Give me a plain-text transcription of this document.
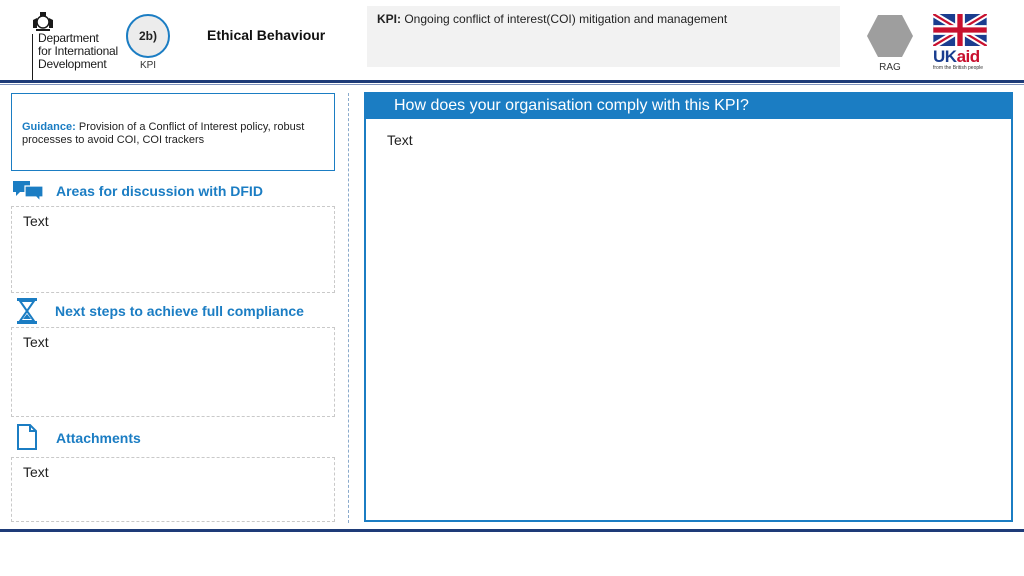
Department
for International
Development
2b)
KPI
Ethical Behaviour
KPI: Ongoing conflict of interest(COI) mitigation and management
RAG
UKaid
from the British people
Guidance: Provision of a Conflict of Interest policy, robust processes to avoid COI, COI trackers
Areas for discussion with DFID
Text
Next steps to achieve full compliance
Text
Attachments
Text
How does your organisation comply with this KPI?
Text
